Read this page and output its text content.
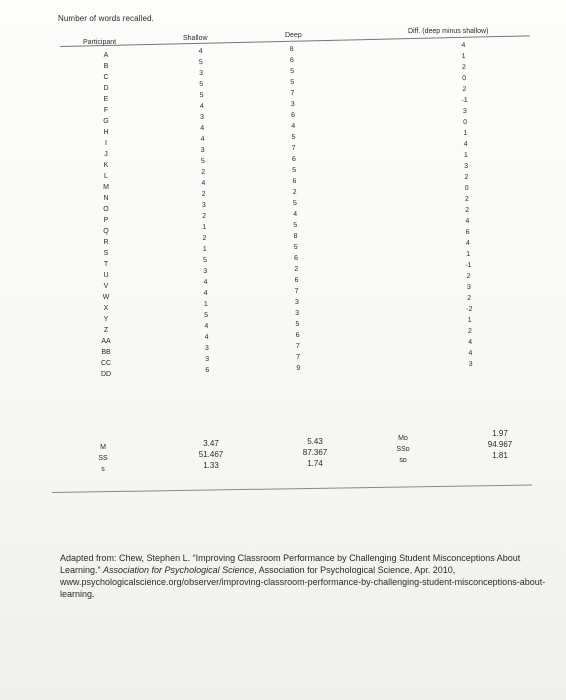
Number of words recalled.
Participant
Shallow	Deep
Diff. (deep minus shallow)
A
B
C
D
E
F
G
H
I
J
K
L
M
N
O
P
Q
R
S
T
U
V
W
X
Y
Z
AA
BB
CC
DD
4
5
3
5
5
4
3
4
4
3
5
2
4
2
3
2
1
2
1
5
3
4
4
1
5
4
4
3
3
6
8
6
5
5
7
3
6
4
5
7
6
5
6
2
5
4
5
8
5
6
2
6
7
3
3
5
6
7
7
9
4
1
2
0
2
-1
3
0
1
4
1
3
2
0
2
2
4
6
4
1
-1
2
3
2
-2
1
2
4
4
3
M
SS
s
3.47
51.467
1.33
5.43
87.367
1.74
Mᴅ
SSᴅ
sᴅ
1.97
94.967
1.81
Adapted from: Chew, Stephen L. “Improving Classroom Performance by Challenging Student Misconceptions About Learning.” Association for Psychological Science, Association for Psychological Science, Apr. 2010, www.psychologicalscience.org/observer/improving-classroom-performance-by-challenging-student-misconceptions-about-learning.
